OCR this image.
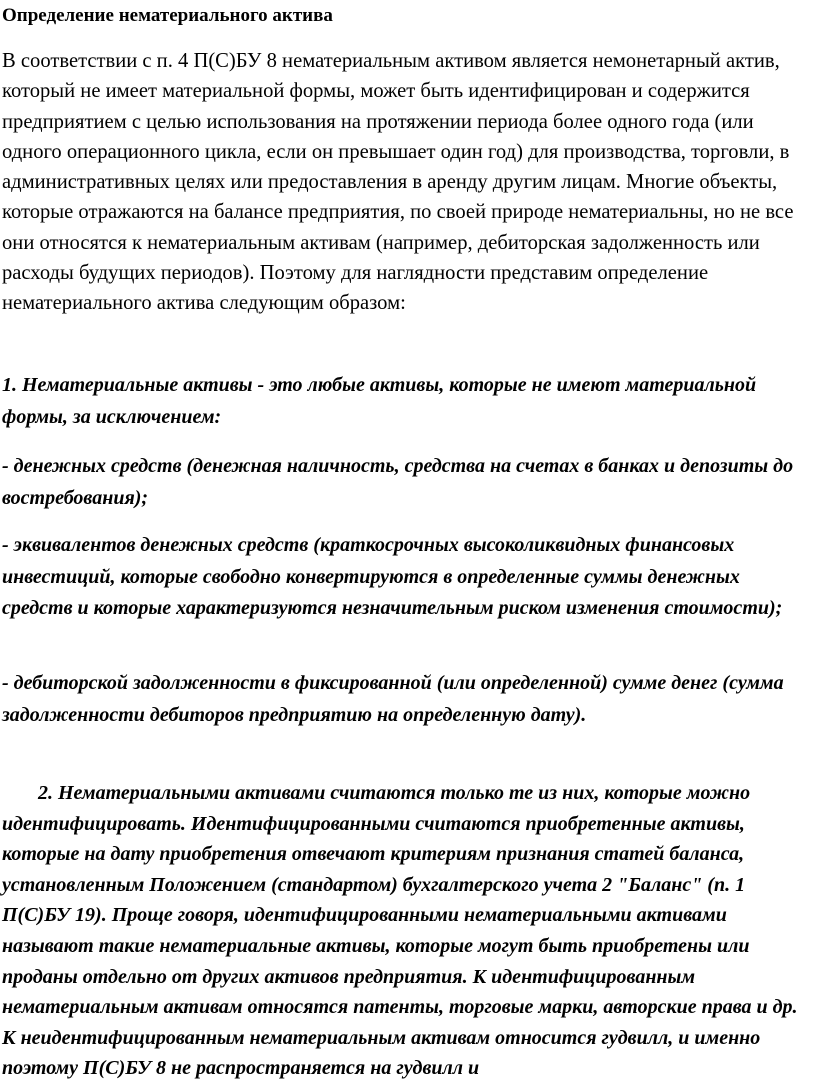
Определение нематериального актива

В соответствии с п. 4 П(С)БУ 8 нематериальным активом является немонетарный актив, который не имеет материальной формы, может быть идентифицирован и содержится предприятием с целью использования на протяжении периода более одного года (или одного операционного цикла, если он превышает один год) для производства, торговли, в административных целях или предоставления в аренду другим лицам. Многие объекты, которые отражаются на балансе предприятия, по своей природе нематериальны, но не все они относятся к нематериальным активам (например, дебиторская задолженность или расходы будущих периодов). Поэтому для наглядности представим определение нематериального актива следующим образом:

1. Нематериальные активы - это любые активы, которые не имеют материальной формы, за исключением:

- денежных средств (денежная наличность, средства на счетах в банках и депозиты до востребования);

- эквивалентов денежных средств (краткосрочных высоколиквидных финансовых инвестиций, которые свободно конвертируются в определенные суммы денежных средств и которые характеризуются незначительным риском изменения стоимости);

- дебиторской задолженности в фиксированной (или определенной) сумме денег (сумма задолженности дебиторов предприятию на определенную дату).

2. Нематериальными активами считаются только те из них, которые можно идентифицировать. Идентифицированными считаются приобретенные активы, которые на дату приобретения отвечают критериям признания статей баланса, установленным Положением (стандартом) бухгалтерского учета 2 "Баланс" (п. 1 П(С)БУ 19). Проще говоря, идентифицированными нематериальными активами называют такие нематериальные активы, которые могут быть приобретены или проданы отдельно от других активов предприятия. К идентифицированным нематериальным активам относятся патенты, торговые марки, авторские права и др. К неидентифицированным нематериальным активам относится гудвилл, и именно поэтому П(С)БУ 8 не распространяется на гудвилл и
